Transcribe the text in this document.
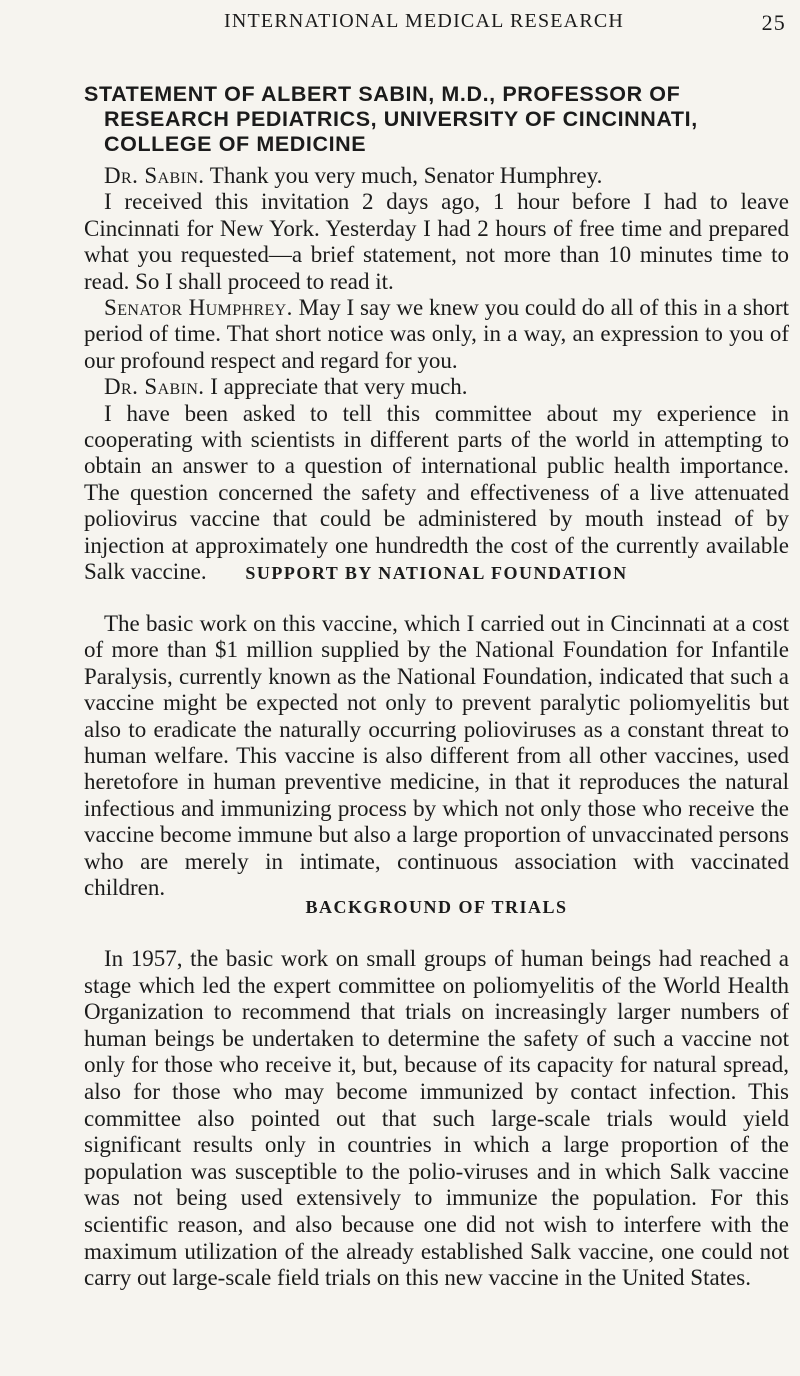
INTERNATIONAL MEDICAL RESEARCH	25
STATEMENT OF ALBERT SABIN, M.D., PROFESSOR OF RESEARCH PEDIATRICS, UNIVERSITY OF CINCINNATI, COLLEGE OF MEDICINE

Dr. Sabin. Thank you very much, Senator Humphrey.

I received this invitation 2 days ago, 1 hour before I had to leave Cincinnati for New York. Yesterday I had 2 hours of free time and prepared what you requested—a brief statement, not more than 10 minutes time to read. So I shall proceed to read it.

Senator Humphrey. May I say we knew you could do all of this in a short period of time. That short notice was only, in a way, an expression to you of our profound respect and regard for you.

Dr. Sabin. I appreciate that very much.

I have been asked to tell this committee about my experience in cooperating with scientists in different parts of the world in attempting to obtain an answer to a question of international public health importance. The question concerned the safety and effectiveness of a live attenuated poliovirus vaccine that could be administered by mouth instead of by injection at approximately one hundredth the cost of the currently available Salk vaccine.	SUPPORT BY NATIONAL FOUNDATION

The basic work on this vaccine, which I carried out in Cincinnati at a cost of more than $1 million supplied by the National Foundation for Infantile Paralysis, currently known as the National Foundation, indicated that such a vaccine might be expected not only to prevent paralytic poliomyelitis but also to eradicate the naturally occurring polioviruses as a constant threat to human welfare. This vaccine is also different from all other vaccines, used heretofore in human preventive medicine, in that it reproduces the natural infectious and immunizing process by which not only those who receive the vaccine become immune but also a large proportion of unvaccinated persons who are merely in intimate, continuous association with vaccinated children.

BACKGROUND OF TRIALS

In 1957, the basic work on small groups of human beings had reached a stage which led the expert committee on poliomyelitis of the World Health Organization to recommend that trials on increasingly larger numbers of human beings be undertaken to determine the safety of such a vaccine not only for those who receive it, but, because of its capacity for natural spread, also for those who may become immunized by contact infection. This committee also pointed out that such large-scale trials would yield significant results only in countries in which a large proportion of the population was susceptible to the polio-viruses and in which Salk vaccine was not being used extensively to immunize the population. For this scientific reason, and also because one did not wish to interfere with the maximum utilization of the already established Salk vaccine, one could not carry out large-scale field trials on this new vaccine in the United States.
